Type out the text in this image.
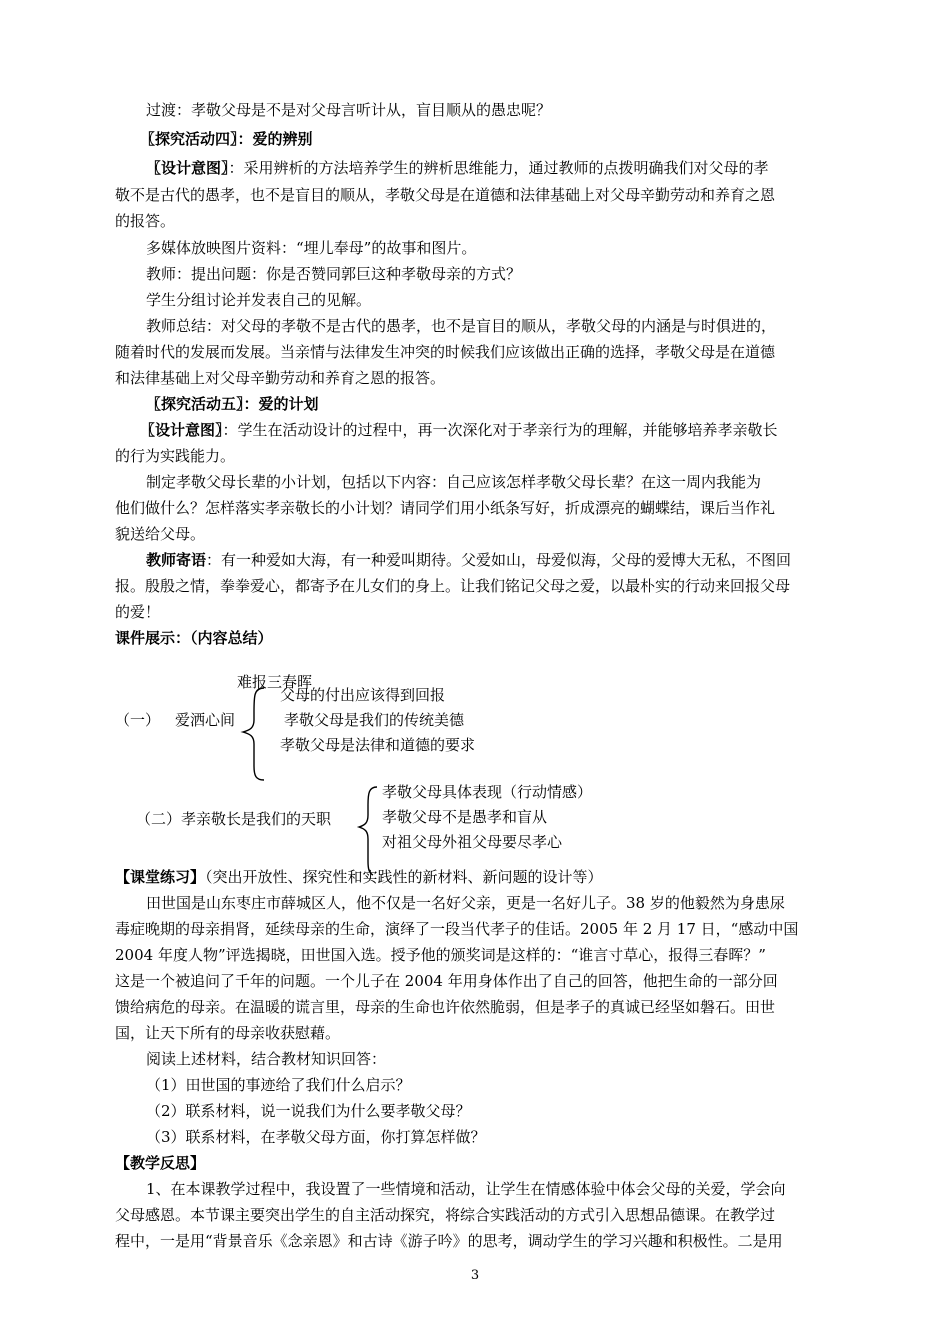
过渡：孝敬父母是不是对父母言听计从，盲目顺从的愚忠呢？
〖探究活动四〗：爱的辨别
〖设计意图〗：采用辨析的方法培养学生的辨析思维能力，通过教师的点拨明确我们对父母的孝
敬不是古代的愚孝，也不是盲目的顺从，孝敬父母是在道德和法律基础上对父母辛勤劳动和养育之恩
的报答。
多媒体放映图片资料：“埋儿奉母”的故事和图片。
教师：提出问题：你是否赞同郭巨这种孝敬母亲的方式？
学生分组讨论并发表自己的见解。
教师总结：对父母的孝敬不是古代的愚孝，也不是盲目的顺从，孝敬父母的内涵是与时俱进的，
随着时代的发展而发展。当亲情与法律发生冲突的时候我们应该做出正确的选择，孝敬父母是在道德
和法律基础上对父母辛勤劳动和养育之恩的报答。
〖探究活动五〗：爱的计划
〖设计意图〗：学生在活动设计的过程中，再一次深化对于孝亲行为的理解，并能够培养孝亲敬长
的行为实践能力。
制定孝敬父母长辈的小计划，包括以下内容：自己应该怎样孝敬父母长辈？在这一周内我能为
他们做什么？怎样落实孝亲敬长的小计划？请同学们用小纸条写好，折成漂亮的蝴蝶结，课后当作礼
貌送给父母。
教师寄语：有一种爱如大海，有一种爱叫期待。父爱如山，母爱似海，父母的爱博大无私，不图回
报。殷殷之情，拳拳爱心，都寄予在儿女们的身上。让我们铭记父母之爱，以最朴实的行动来回报父母
的爱！
课件展示：（内容总结）
难报三春晖
（一） 爱洒心间
父母的付出应该得到回报
孝敬父母是我们的传统美德
孝敬父母是法律和道德的要求
（二）孝亲敬长是我们的天职
孝敬父母具体表现（行动情感）
孝敬父母不是愚孝和盲从
对祖父母外祖父母要尽孝心
【课堂练习】（突出开放性、探究性和实践性的新材料、新问题的设计等）
田世国是山东枣庄市薛城区人，他不仅是一名好父亲，更是一名好儿子。38 岁的他毅然为身患尿
毒症晚期的母亲捐肾，延续母亲的生命，演绎了一段当代孝子的佳话。2005 年 2 月 17 日，“感动中国
2004 年度人物”评选揭晓，田世国入选。授予他的颁奖词是这样的：“谁言寸草心，报得三春晖？”
这是一个被追问了千年的问题。一个儿子在 2004 年用身体作出了自己的回答，他把生命的一部分回
馈给病危的母亲。在温暖的谎言里，母亲的生命也许依然脆弱，但是孝子的真诚已经坚如磐石。田世
国，让天下所有的母亲收获慰藉。
阅读上述材料，结合教材知识回答：
（1）田世国的事迹给了我们什么启示？
（2）联系材料，说一说我们为什么要孝敬父母？
（3）联系材料，在孝敬父母方面，你打算怎样做？
【教学反思】
1、在本课教学过程中，我设置了一些情境和活动，让学生在情感体验中体会父母的关爱，学会向
父母感恩。本节课主要突出学生的自主活动探究，将综合实践活动的方式引入思想品德课。在教学过
程中，一是用“背景音乐《念亲恩》和古诗《游子吟》的思考，调动学生的学习兴趣和积极性。二是用
3
